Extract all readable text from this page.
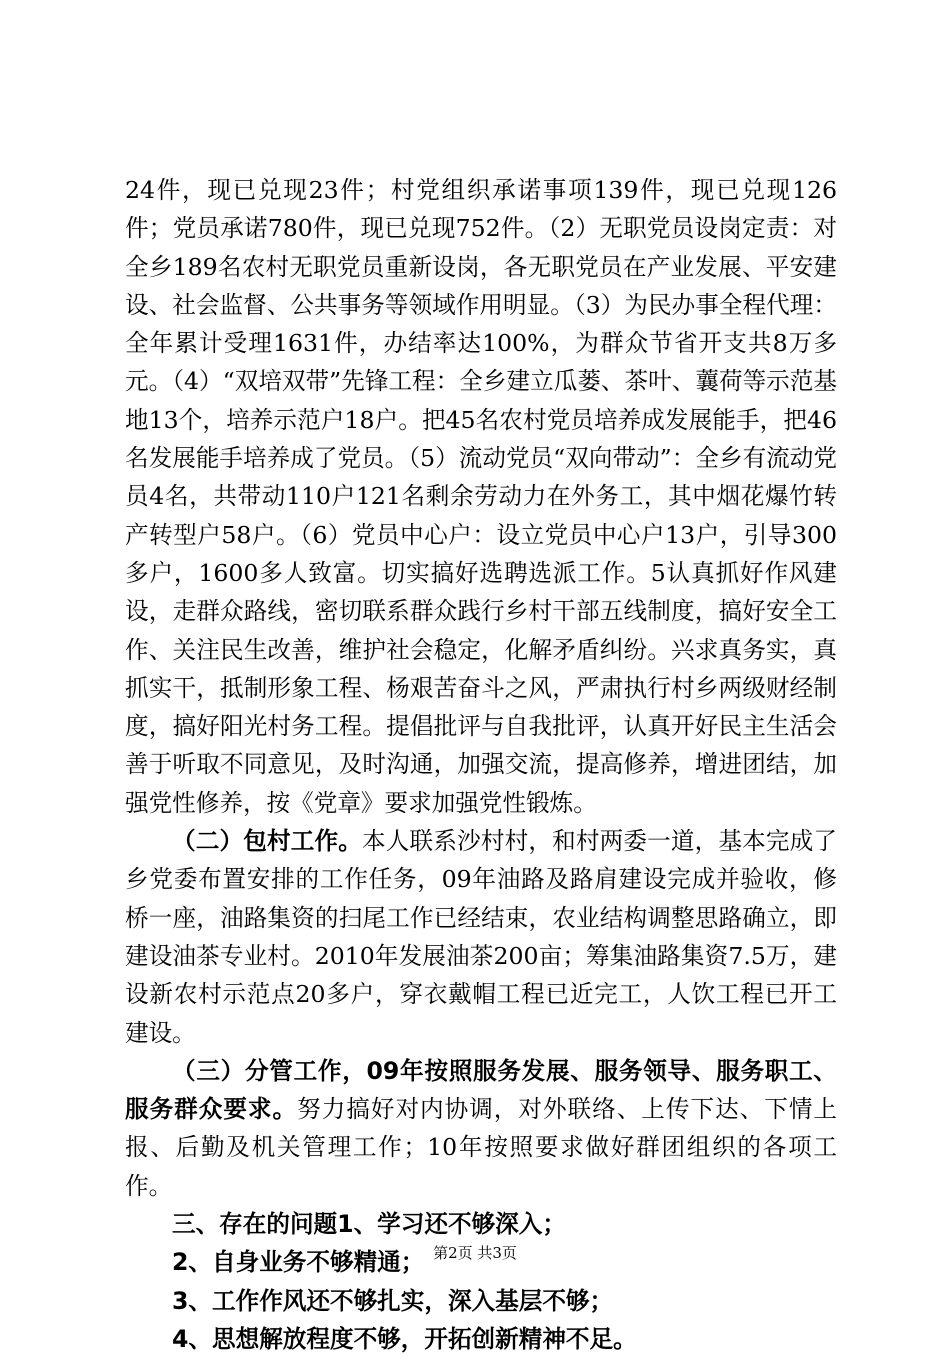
24件，现已兑现23件；村党组织承诺事项139件，现已兑现126件；党员承诺780件，现已兑现752件。（2）无职党员设岗定责：对全乡189名农村无职党员重新设岗，各无职党员在产业发展、平安建设、社会监督、公共事务等领域作用明显。（3）为民办事全程代理：全年累计受理1631件，办结率达100%，为群众节省开支共8万多元。（4）“双培双带”先锋工程：全乡建立瓜蒌、茶叶、蘘荷等示范基地13个，培养示范户18户。把45名农村党员培养成发展能手，把46名发展能手培养成了党员。（5）流动党员“双向带动”：全乡有流动党员4名，共带动110户121名剩余劳动力在外务工，其中烟花爆竹转产转型户58户。（6）党员中心户：设立党员中心户13户，引导300多户，1600多人致富。切实搞好选聘选派工作。5认真抓好作风建设，走群众路线，密切联系群众践行乡村干部五线制度，搞好安全工作、关注民生改善，维护社会稳定，化解矛盾纠纷。兴求真务实，真抓实干，抵制形象工程、杨艰苦奋斗之风，严肃执行村乡两级财经制度，搞好阳光村务工程。提倡批评与自我批评，认真开好民主生活会善于听取不同意见，及时沟通，加强交流，提高修养，增进团结，加强党性修养，按《党章》要求加强党性锻炼。

（二）包村工作。本人联系沙村村，和村两委一道，基本完成了乡党委布置安排的工作任务，09年油路及路肩建设完成并验收，修桥一座，油路集资的扫尾工作已经结束，农业结构调整思路确立，即建设油茶专业村。2010年发展油茶200亩；筹集油路集资7.5万，建设新农村示范点20多户，穿衣戴帽工程已近完工，人饮工程已开工建设。

（三）分管工作，09年按照服务发展、服务领导、服务职工、服务群众要求。努力搞好对内协调，对外联络、上传下达、下情上报、后勤及机关管理工作；10年按照要求做好群团组织的各项工作。

三、存在的问题1、学习还不够深入；

2、自身业务不够精通；

3、工作作风还不够扎实，深入基层不够；

4、思想解放程度不够，开拓创新精神不足。

第2页 共3页
